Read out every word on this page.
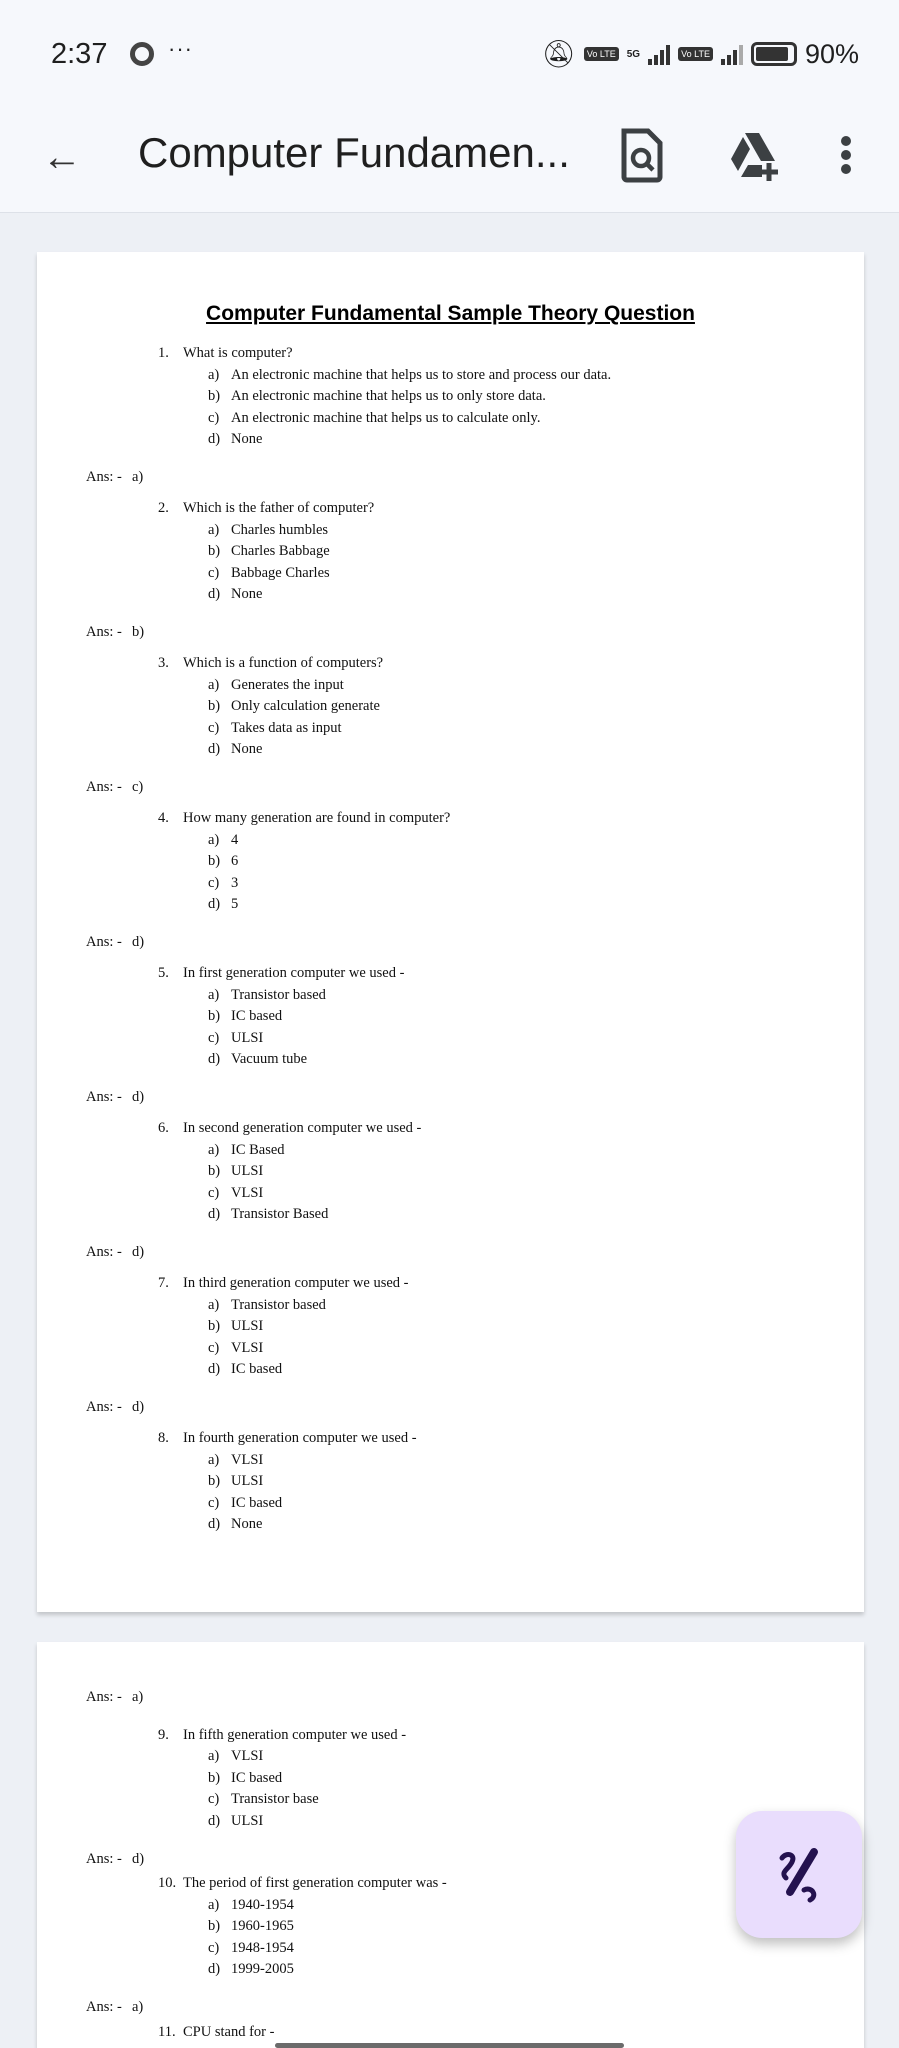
2:37	···	🔕︎	Vo LTE	5G	Vo LTE	90%
← Computer Fundamen...
Computer Fundamental Sample Theory Question
1. What is computer?
a) An electronic machine that helps us to store and process our data.
b) An electronic machine that helps us to only store data.
c) An electronic machine that helps us to calculate only.
d) None
Ans: - a)
2. Which is the father of computer?
a) Charles humbles
b) Charles Babbage
c) Babbage Charles
d) None
Ans: - b)
3. Which is a function of computers?
a) Generates the input
b) Only calculation generate
c) Takes data as input
d) None
Ans: - c)
4. How many generation are found in computer?
a) 4
b) 6
c) 3
d) 5
Ans: - d)
5. In first generation computer we used -
a) Transistor based
b) IC based
c) ULSI
d) Vacuum tube
Ans: - d)
6. In second generation computer we used -
a) IC Based
b) ULSI
c) VLSI
d) Transistor Based
Ans: - d)
7. In third generation computer we used -
a) Transistor based
b) ULSI
c) VLSI
d) IC based
Ans: - d)
8. In fourth generation computer we used -
a) VLSI
b) ULSI
c) IC based
d) None
Ans: - a)
9. In fifth generation computer we used -
a) VLSI
b) IC based
c) Transistor base
d) ULSI
Ans: - d)
10. The period of first generation computer was -
a) 1940-1954
b) 1960-1965
c) 1948-1954
d) 1999-2005
Ans: - a)
11. CPU stand for -
